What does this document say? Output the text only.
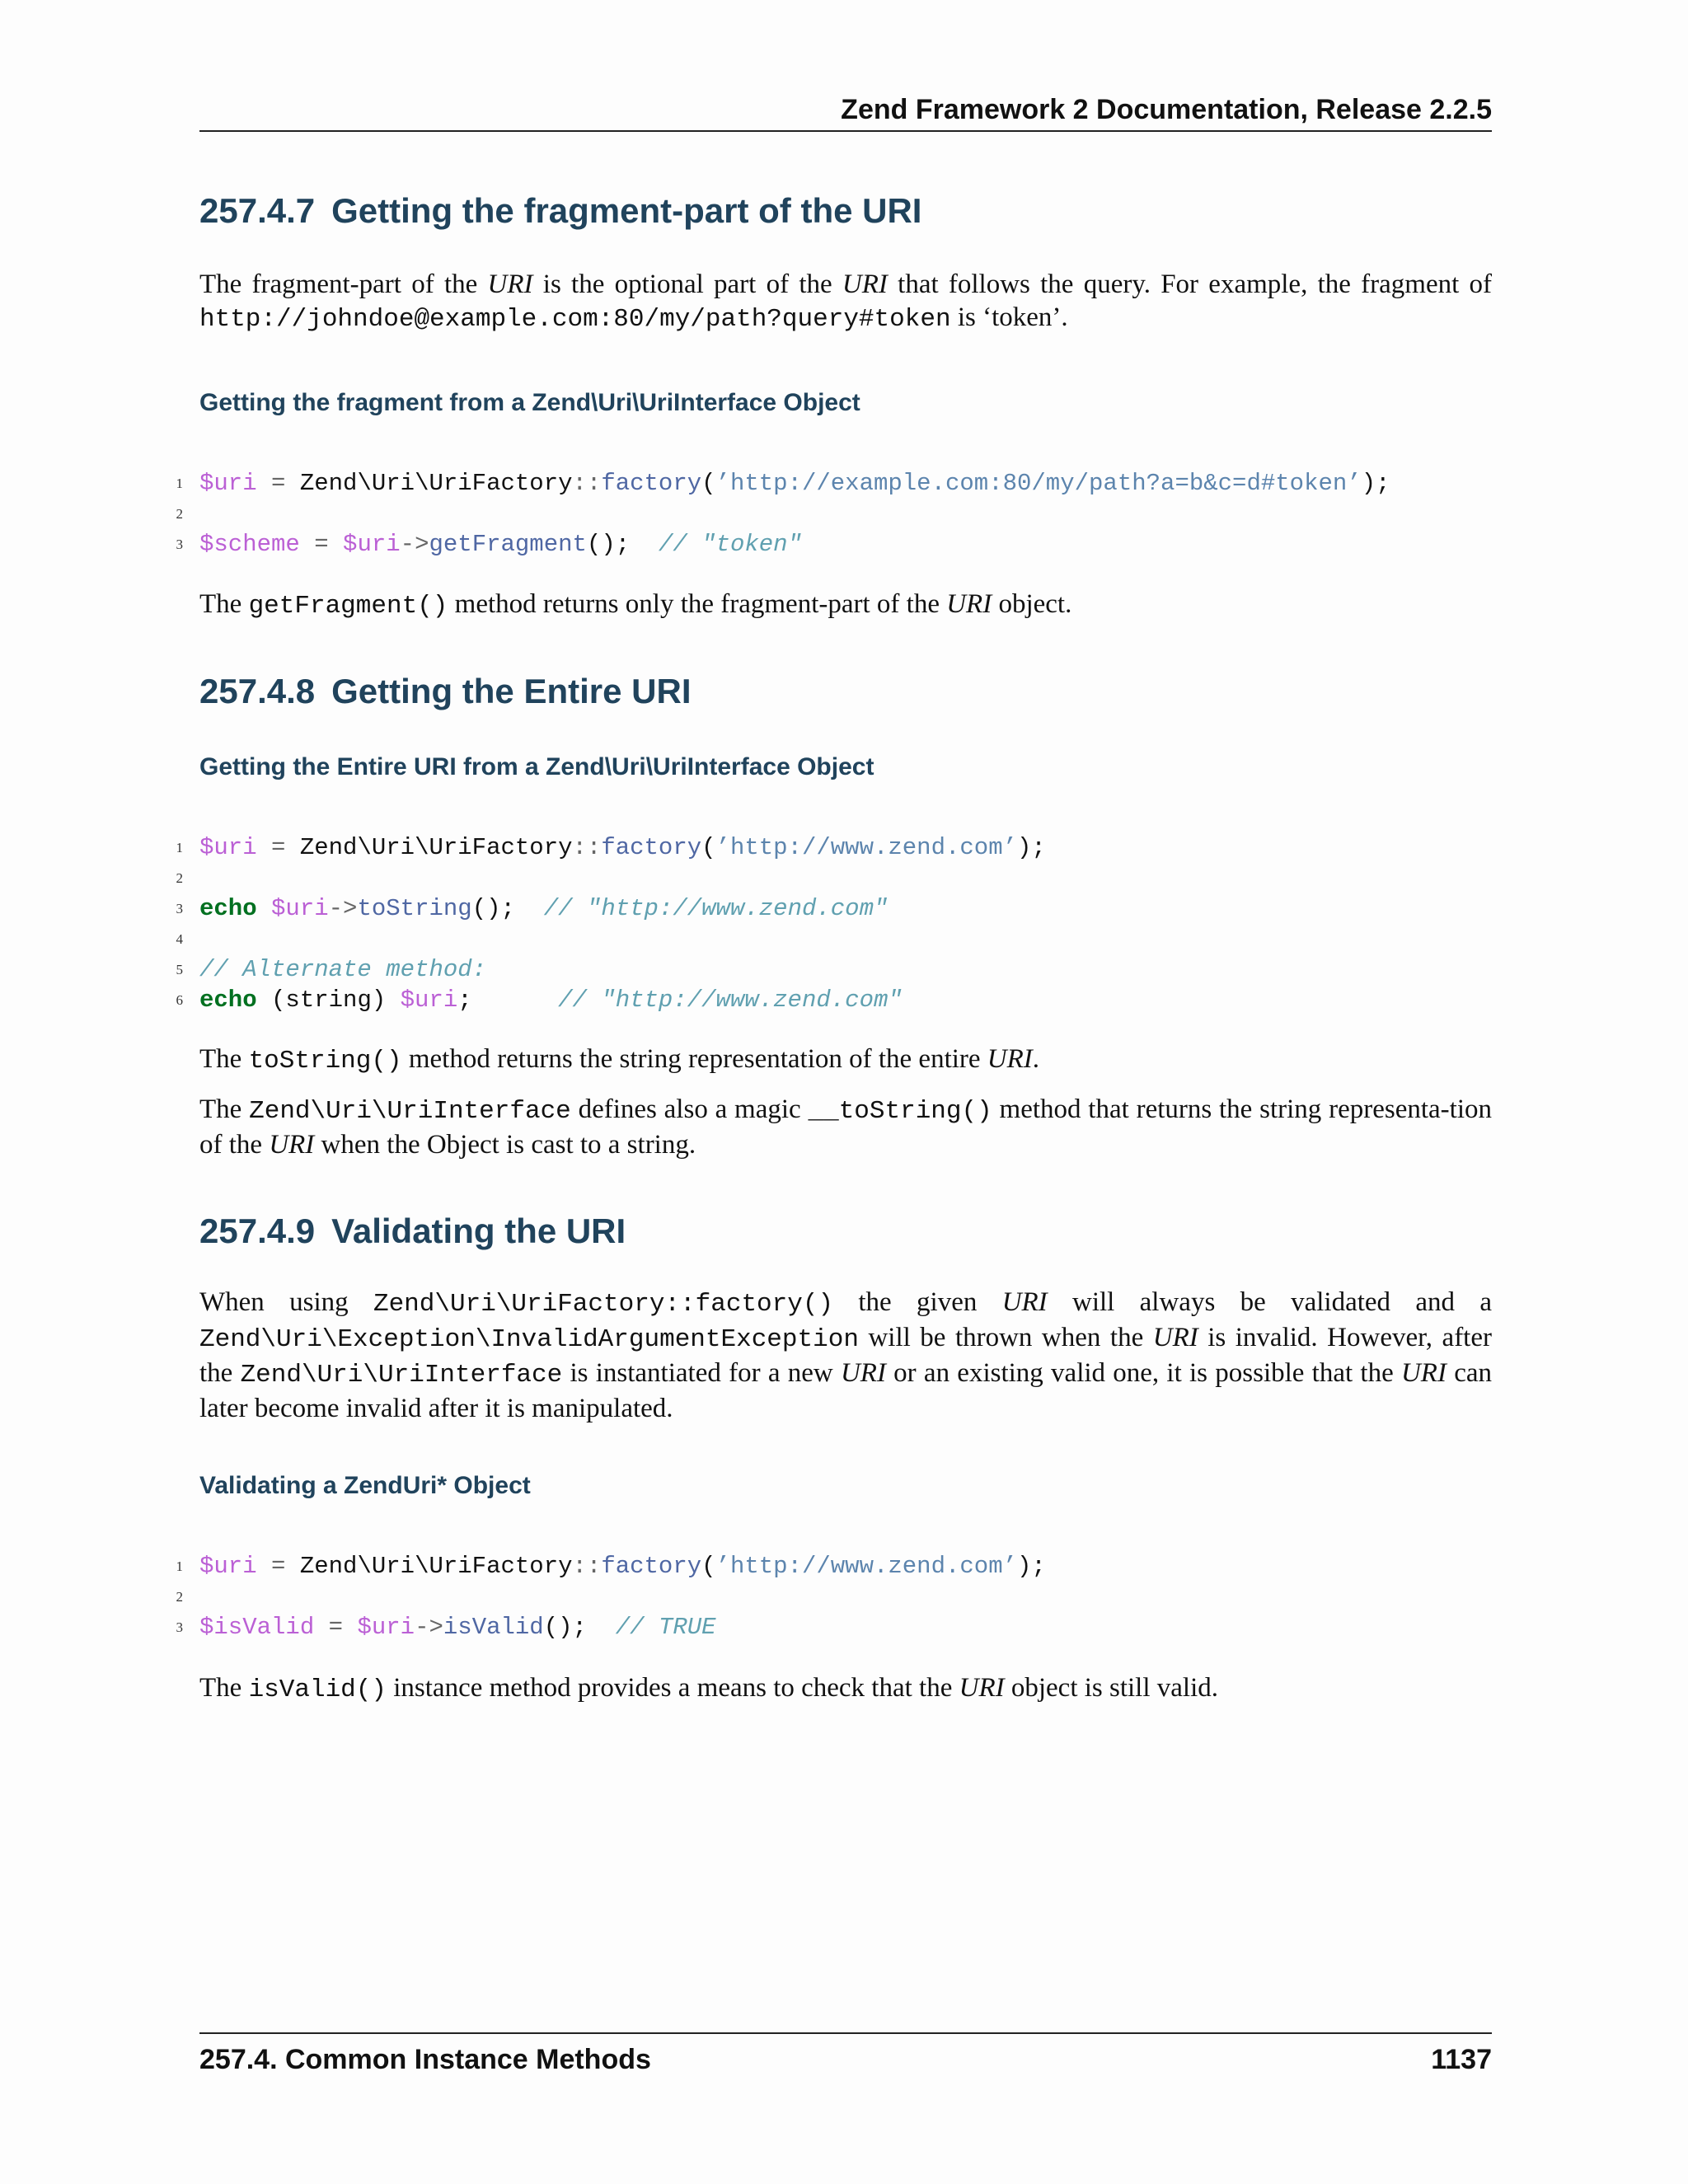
Zend Framework 2 Documentation, Release 2.2.5
257.4.7 Getting the fragment-part of the URI

The fragment-part of the URI is the optional part of the URI that follows the query. For example, the fragment of http://johndoe@example.com:80/my/path?query#token is ‘token’.

Getting the fragment from a Zend\Uri\UriInterface Object
1 $uri = Zend\Uri\UriFactory::factory(’http://example.com:80/my/path?a=b&c=d#token’);
2
3 $scheme = $uri->getFragment();  // "token"

The getFragment() method returns only the fragment-part of the URI object.

257.4.8 Getting the Entire URI
Getting the Entire URI from a Zend\Uri\UriInterface Object
1 $uri = Zend\Uri\UriFactory::factory(’http://www.zend.com’);
2
3 echo $uri->toString();  // "http://www.zend.com"
4
5 // Alternate method:
6 echo (string) $uri;      // "http://www.zend.com"

The toString() method returns the string representation of the entire URI.

The Zend\Uri\UriInterface defines also a magic __toString() method that returns the string representa-tion of the URI when the Object is cast to a string.

257.4.9 Validating the URI

When using Zend\Uri\UriFactory::factory() the given URI will always be validated and a Zend\Uri\Exception\InvalidArgumentException will be thrown when the URI is invalid. However, after the Zend\Uri\UriInterface is instantiated for a new URI or an existing valid one, it is possible that the URI can later become invalid after it is manipulated.

Validating a ZendUri* Object
1 $uri = Zend\Uri\UriFactory::factory(’http://www.zend.com’);
2
3 $isValid = $uri->isValid();  // TRUE

The isValid() instance method provides a means to check that the URI object is still valid.

257.4. Common Instance Methods	1137
